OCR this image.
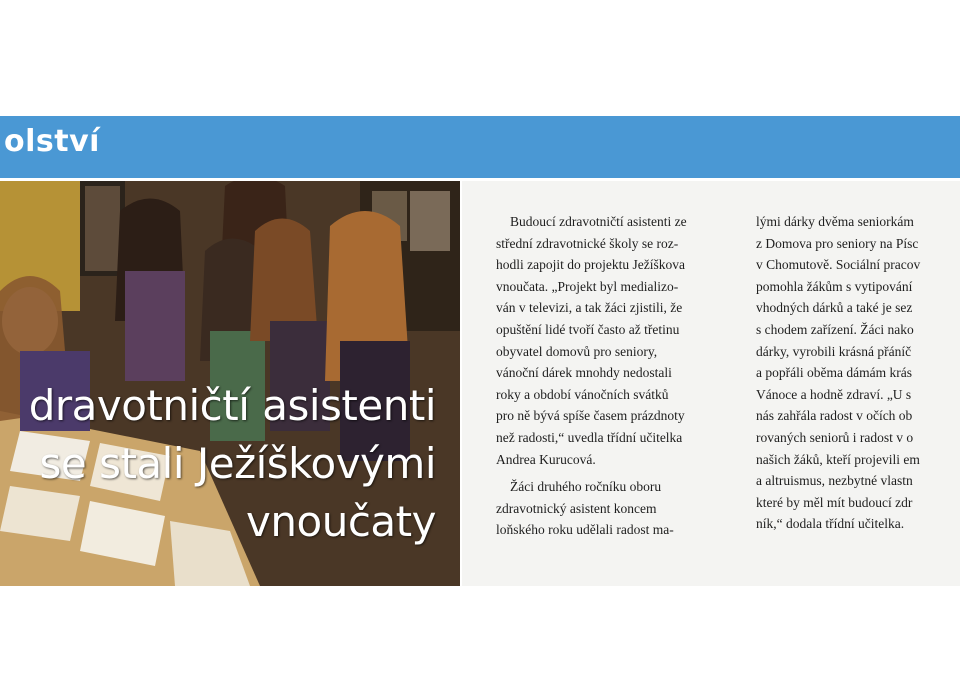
olství
dravotničtí asistenti
se stali Ježíškovými
vnoučaty
Budoucí zdravotničtí asistenti ze
střední zdravotnické školy se roz-
hodli zapojit do projektu Ježíškova
vnoučata. „Projekt byl medializo-
ván v televizi, a tak žáci zjistili, že
opuštění lidé tvoří často až třetinu
obyvatel domovů pro seniory,
vánoční dárek mnohdy nedostali
roky a období vánočních svátků
pro ně bývá spíše časem prázdnoty
než radosti,“ uvedla třídní učitelka
Andrea Kurucová.
Žáci druhého ročníku oboru
zdravotnický asistent koncem
loňského roku udělali radost ma-
lými dárky dvěma seniorkám
z Domova pro seniory na Písc
v Chomutově. Sociální pracov
pomohla žákům s vytipování
vhodných dárků a také je sez
s chodem zařízení. Žáci nako
dárky, vyrobili krásná přáníč
a popřáli oběma dámám krás
Vánoce a hodně zdraví. „U s
nás zahřála radost v očích ob
rovaných seniorů i radost v o
našich žáků, kteří projevili em
a altruismus, nezbytné vlastn
které by měl mít budoucí zdr
ník,“ dodala třídní učitelka.
